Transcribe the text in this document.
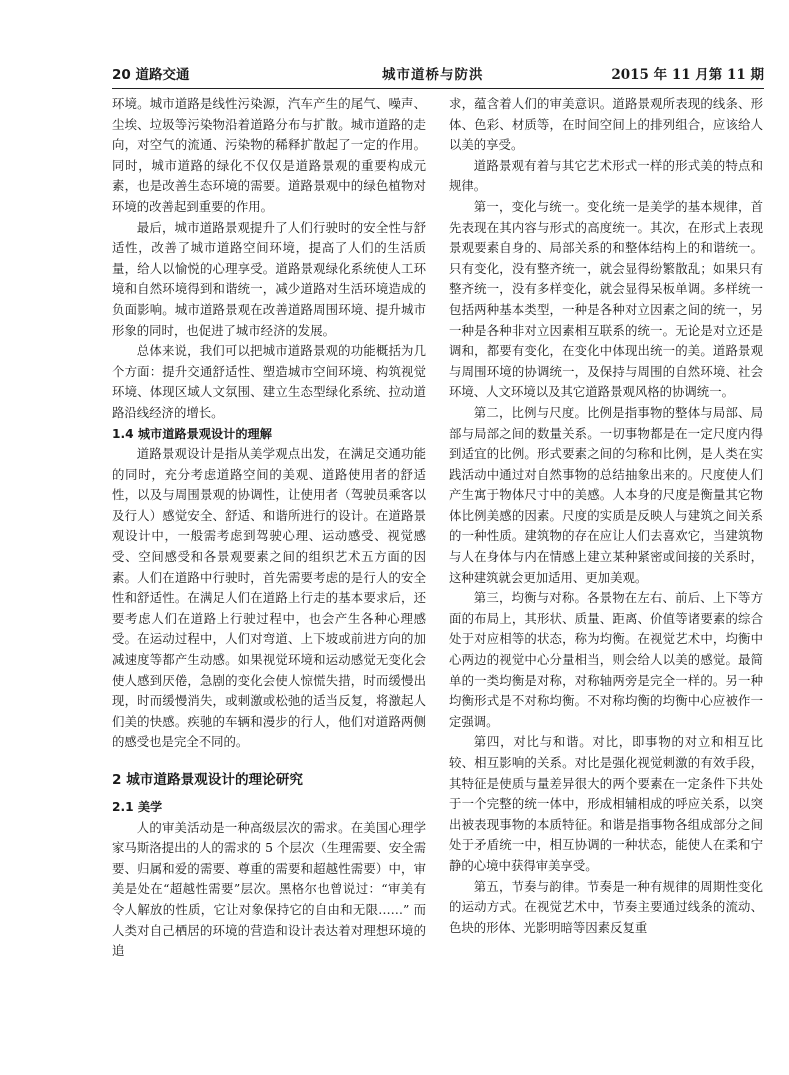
20 道路交通	城市道桥与防洪	2015 年 11 月第 11 期

环境。城市道路是线性污染源，汽车产生的尾气、噪声、尘埃、垃圾等污染物沿着道路分布与扩散。城市道路的走向，对空气的流通、污染物的稀释扩散起了一定的作用。同时，城市道路的绿化不仅仅是道路景观的重要构成元素，也是改善生态环境的需要。道路景观中的绿色植物对环境的改善起到重要的作用。

最后，城市道路景观提升了人们行驶时的安全性与舒适性，改善了城市道路空间环境，提高了人们的生活质量，给人以愉悦的心理享受。道路景观绿化系统使人工环境和自然环境得到和谐统一，减少道路对生活环境造成的负面影响。城市道路景观在改善道路周围环境、提升城市形象的同时，也促进了城市经济的发展。

总体来说，我们可以把城市道路景观的功能概括为几个方面：提升交通舒适性、塑造城市空间环境、构筑视觉环境、体现区域人文氛围、建立生态型绿化系统、拉动道路沿线经济的增长。

1.4 城市道路景观设计的理解

道路景观设计是指从美学观点出发，在满足交通功能的同时，充分考虑道路空间的美观、道路使用者的舒适性，以及与周围景观的协调性，让使用者（驾驶员乘客以及行人）感觉安全、舒适、和谐所进行的设计。在道路景观设计中，一般需考虑到驾驶心理、运动感受、视觉感受、空间感受和各景观要素之间的组织艺术五方面的因素。人们在道路中行驶时，首先需要考虑的是行人的安全性和舒适性。在满足人们在道路上行走的基本要求后，还要考虑人们在道路上行驶过程中，也会产生各种心理感受。在运动过程中，人们对弯道、上下坡或前进方向的加减速度等都产生动感。如果视觉环境和运动感觉无变化会使人感到厌倦，急剧的变化会使人惊慌失措，时而缓慢出现，时而缓慢消失，或刺激或松弛的适当反复，将激起人们美的快感。疾驰的车辆和漫步的行人，他们对道路两侧的感受也是完全不同的。

2 城市道路景观设计的理论研究
2.1 美学

人的审美活动是一种高级层次的需求。在美国心理学家马斯洛提出的人的需求的 5 个层次（生理需要、安全需要、归属和爱的需要、尊重的需要和超越性需要）中，审美是处在“超越性需要”层次。黑格尔也曾说过：“审美有令人解放的性质，它让对象保持它的自由和无限……” 而人类对自己栖居的环境的营造和设计表达着对理想环境的追

求，蕴含着人们的审美意识。道路景观所表现的线条、形体、色彩、材质等，在时间空间上的排列组合，应该给人以美的享受。

道路景观有着与其它艺术形式一样的形式美的特点和规律。

第一，变化与统一。变化统一是美学的基本规律，首先表现在其内容与形式的高度统一。其次，在形式上表现景观要素自身的、局部关系的和整体结构上的和谐统一。只有变化，没有整齐统一，就会显得纷繁散乱；如果只有整齐统一，没有多样变化，就会显得呆板单调。多样统一包括两种基本类型，一种是各种对立因素之间的统一，另一种是各种非对立因素相互联系的统一。无论是对立还是调和，都要有变化，在变化中体现出统一的美。道路景观与周围环境的协调统一，及保持与周围的自然环境、社会环境、人文环境以及其它道路景观风格的协调统一。

第二，比例与尺度。比例是指事物的整体与局部、局部与局部之间的数量关系。一切事物都是在一定尺度内得到适宜的比例。形式要素之间的匀称和比例，是人类在实践活动中通过对自然事物的总结抽象出来的。尺度使人们产生寓于物体尺寸中的美感。人本身的尺度是衡量其它物体比例美感的因素。尺度的实质是反映人与建筑之间关系的一种性质。建筑物的存在应让人们去喜欢它，当建筑物与人在身体与内在情感上建立某种紧密或间接的关系时，这种建筑就会更加适用、更加美观。

第三，均衡与对称。各景物在左右、前后、上下等方面的布局上，其形状、质量、距离、价值等诸要素的综合处于对应相等的状态，称为均衡。在视觉艺术中，均衡中心两边的视觉中心分量相当，则会给人以美的感觉。最简单的一类均衡是对称，对称轴两旁是完全一样的。另一种均衡形式是不对称均衡。不对称均衡的均衡中心应被作一定强调。

第四，对比与和谐。对比，即事物的对立和相互比较、相互影响的关系。对比是强化视觉刺激的有效手段，其特征是使质与量差异很大的两个要素在一定条件下共处于一个完整的统一体中，形成相辅相成的呼应关系，以突出被表现事物的本质特征。和谐是指事物各组成部分之间处于矛盾统一中，相互协调的一种状态，能使人在柔和宁静的心境中获得审美享受。

第五，节奏与韵律。节奏是一种有规律的周期性变化的运动方式。在视觉艺术中，节奏主要通过线条的流动、色块的形体、光影明暗等因素反复重
